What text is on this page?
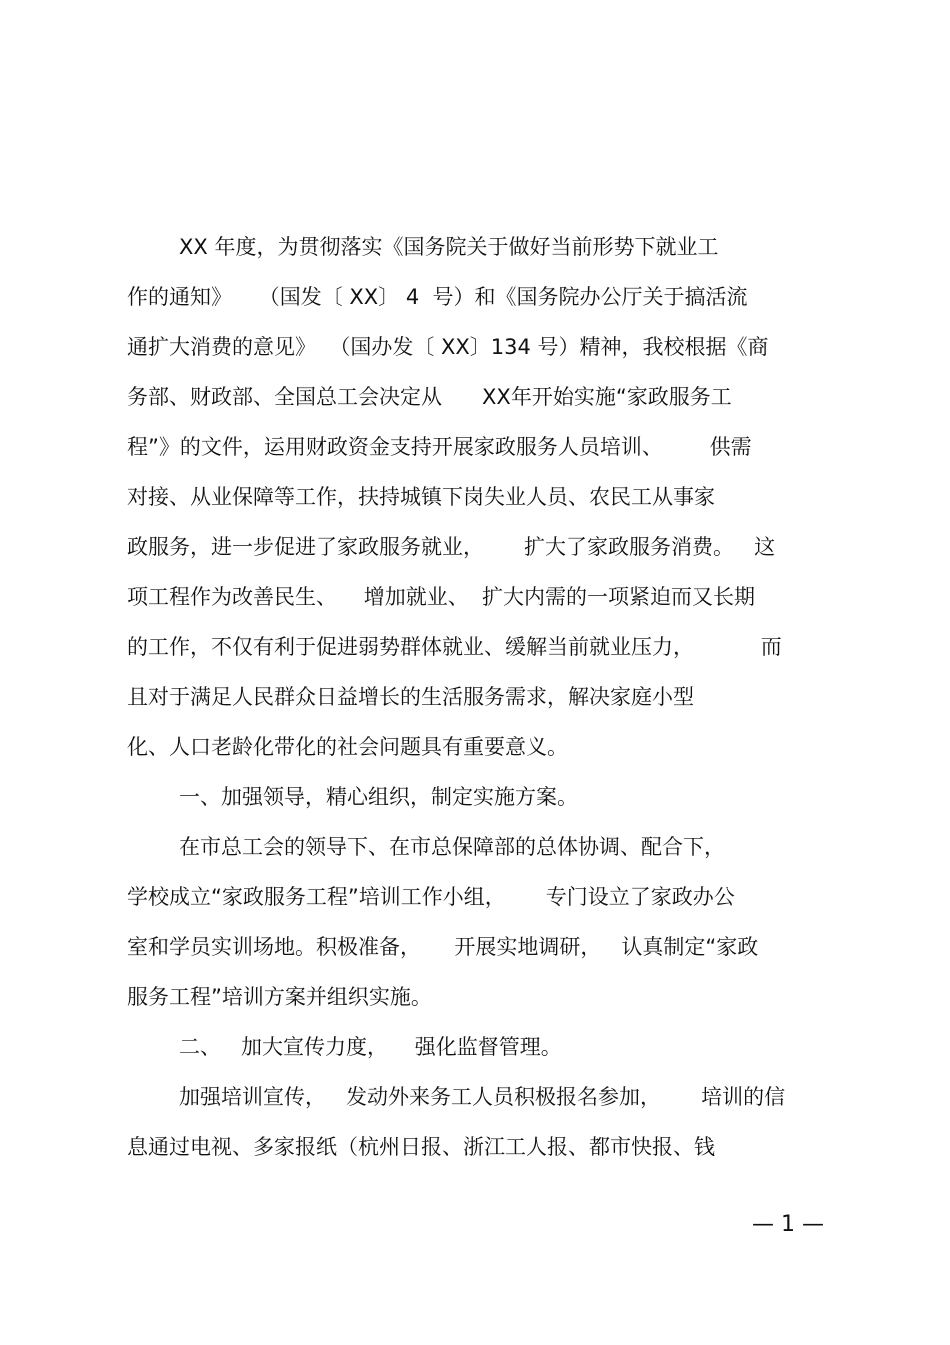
XX 年度，为贯彻落实《国务院关于做好当前形势下就业工
作的通知》    （国发〔 XX〕 4  号）和《国务院办公厅关于搞活流
通扩大消费的意见》  （国办发〔 XX〕134 号）精神，我校根据《商
务部、财政部、全国总工会决定从      XX年开始实施“家政服务工
程”》的文件，运用财政资金支持开展家政服务人员培训、       供需
对接、从业保障等工作，扶持城镇下岗失业人员、农民工从事家
政服务，进一步促进了家政服务就业，      扩大了家政服务消费。   这
项工程作为改善民生、    增加就业、  扩大内需的一项紧迫而又长期
的工作，不仅有利于促进弱势群体就业、缓解当前就业压力，          而
且对于满足人民群众日益增长的生活服务需求，解决家庭小型
化、人口老龄化带化的社会问题具有重要意义。
一、加强领导，精心组织，制定实施方案。
在市总工会的领导下、在市总保障部的总体协调、配合下，
学校成立“家政服务工程”培训工作小组，      专门设立了家政办公
室和学员实训场地。积极准备，     开展实地调研，   认真制定“家政
服务工程”培训方案并组织实施。
二、   加大宣传力度，    强化监督管理。
加强培训宣传，   发动外来务工人员积极报名参加，      培训的信
息通过电视、多家报纸（杭州日报、浙江工人报、都市快报、钱
— 1 —
